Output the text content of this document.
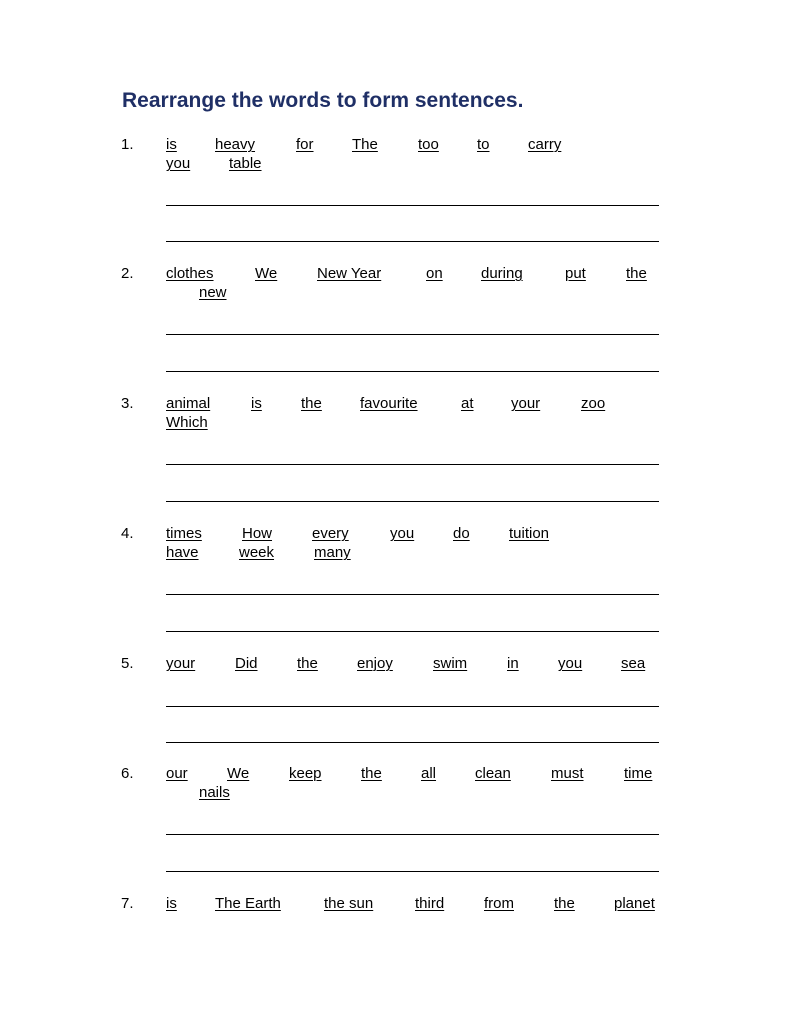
Rearrange the words to form sentences.
1. is	heavy	for	The	too	to	carry
you	table
2. clothes	We	New Year	on	during	put	the
new
3. animal	is	the	favourite	at your	zoo
Which
4. times	How	every	you	do	tuition
have	week	many
5. your	Did	the	enjoy	swim	in	you	sea
6. our	We	keep	the	all	clean	must	time
nails
7. is	The Earth	the sun	third	from	the	planet
